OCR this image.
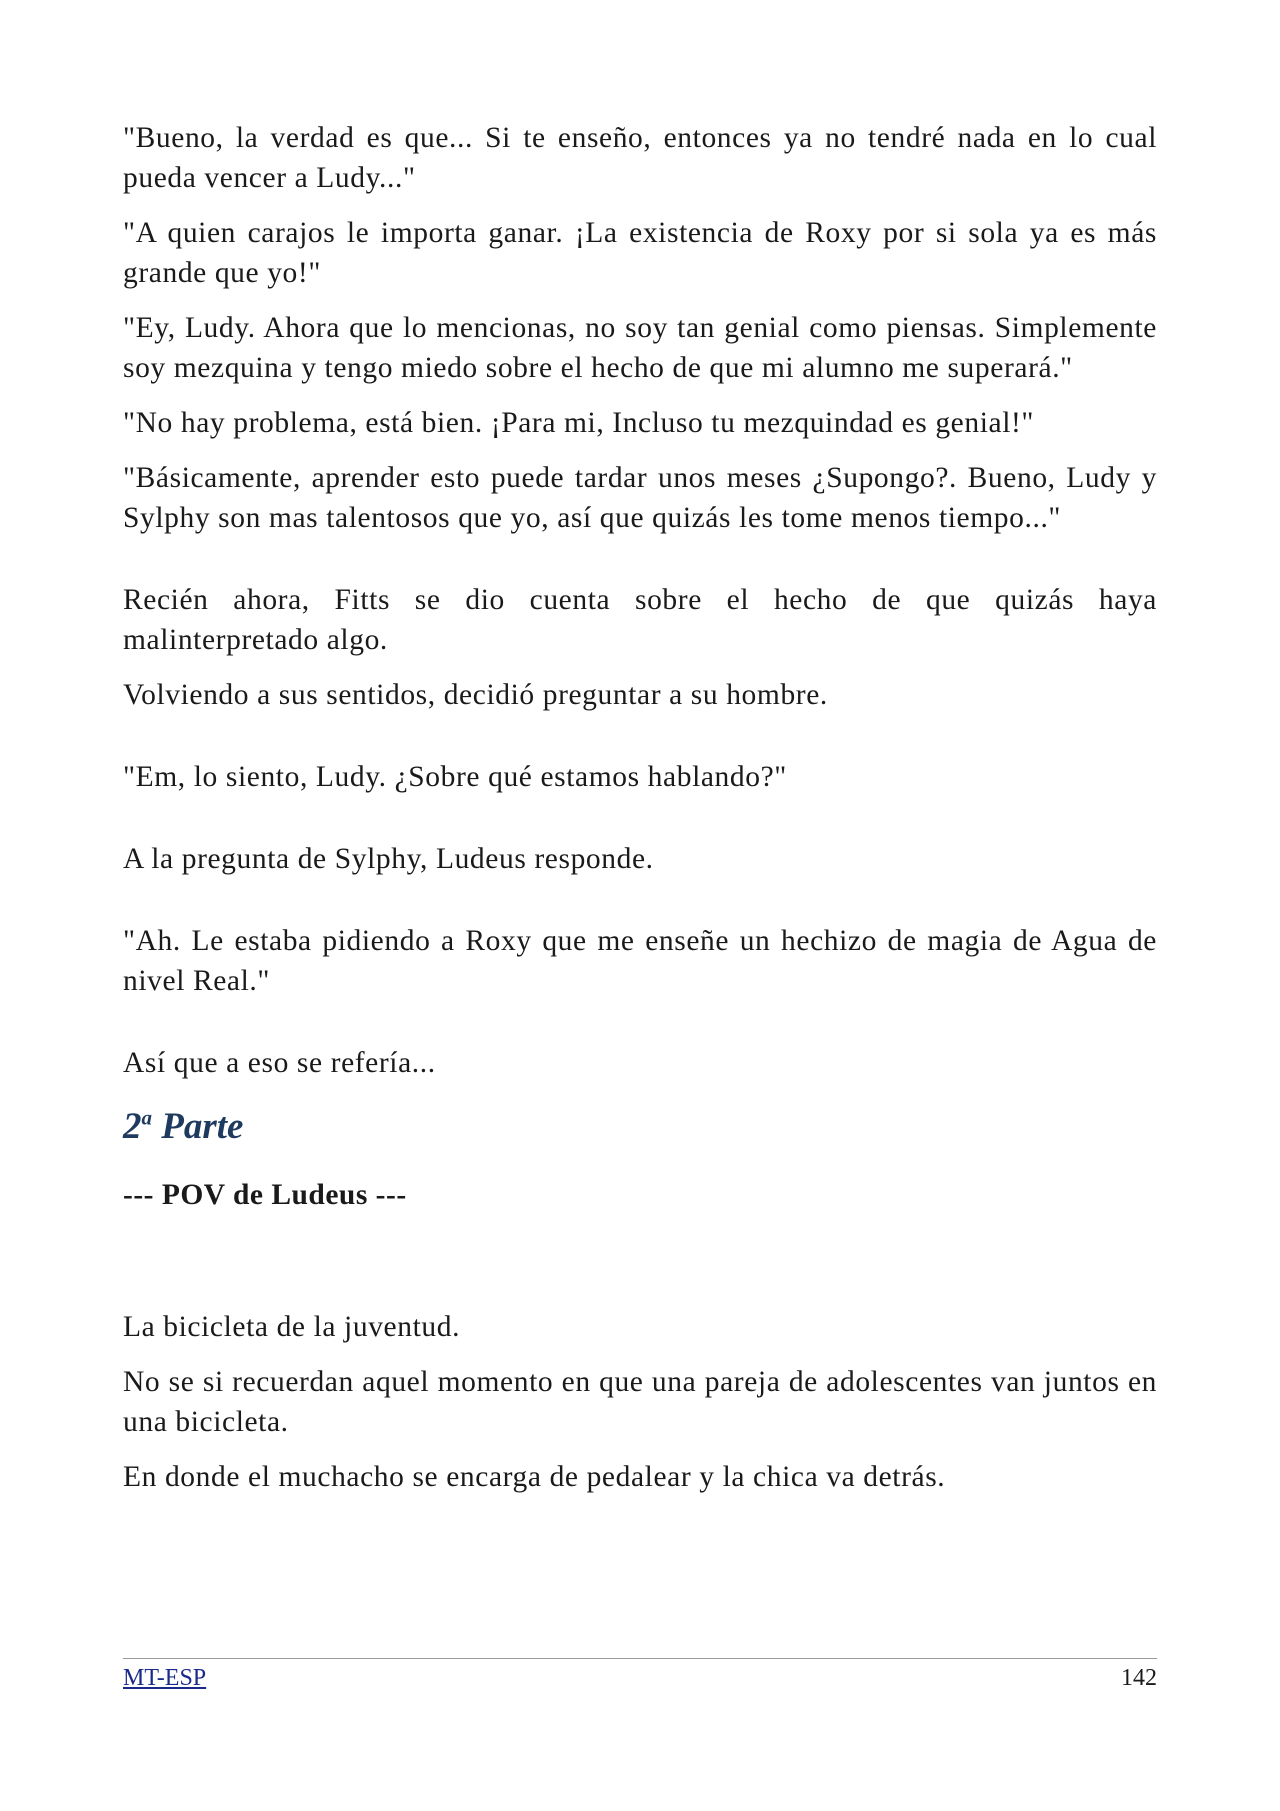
"Bueno, la verdad es que... Si te enseño, entonces ya no tendré nada en lo cual pueda vencer a Ludy..."

"A quien carajos le importa ganar. ¡La existencia de Roxy por si sola ya es más grande que yo!"

"Ey, Ludy. Ahora que lo mencionas, no soy tan genial como piensas. Simplemente soy mezquina y tengo miedo sobre el hecho de que mi alumno me superará."

"No hay problema, está bien. ¡Para mi, Incluso tu mezquindad es genial!"

"Básicamente, aprender esto puede tardar unos meses ¿Supongo?. Bueno, Ludy y Sylphy son mas talentosos que yo, así que quizás les tome menos tiempo..."

Recién ahora, Fitts se dio cuenta sobre el hecho de que quizás haya malinterpretado algo.

Volviendo a sus sentidos, decidió preguntar a su hombre.

"Em, lo siento, Ludy. ¿Sobre qué estamos hablando?"

A la pregunta de Sylphy, Ludeus responde.

"Ah. Le estaba pidiendo a Roxy que me enseñe un hechizo de magia de Agua de nivel Real."

Así que a eso se refería...

2$^a$ Parte

--- POV de Ludeus ---

La bicicleta de la juventud.

No se si recuerdan aquel momento en que una pareja de adolescentes van juntos en una bicicleta.

En donde el muchacho se encarga de pedalear y la chica va detrás.

MT-ESP	142
